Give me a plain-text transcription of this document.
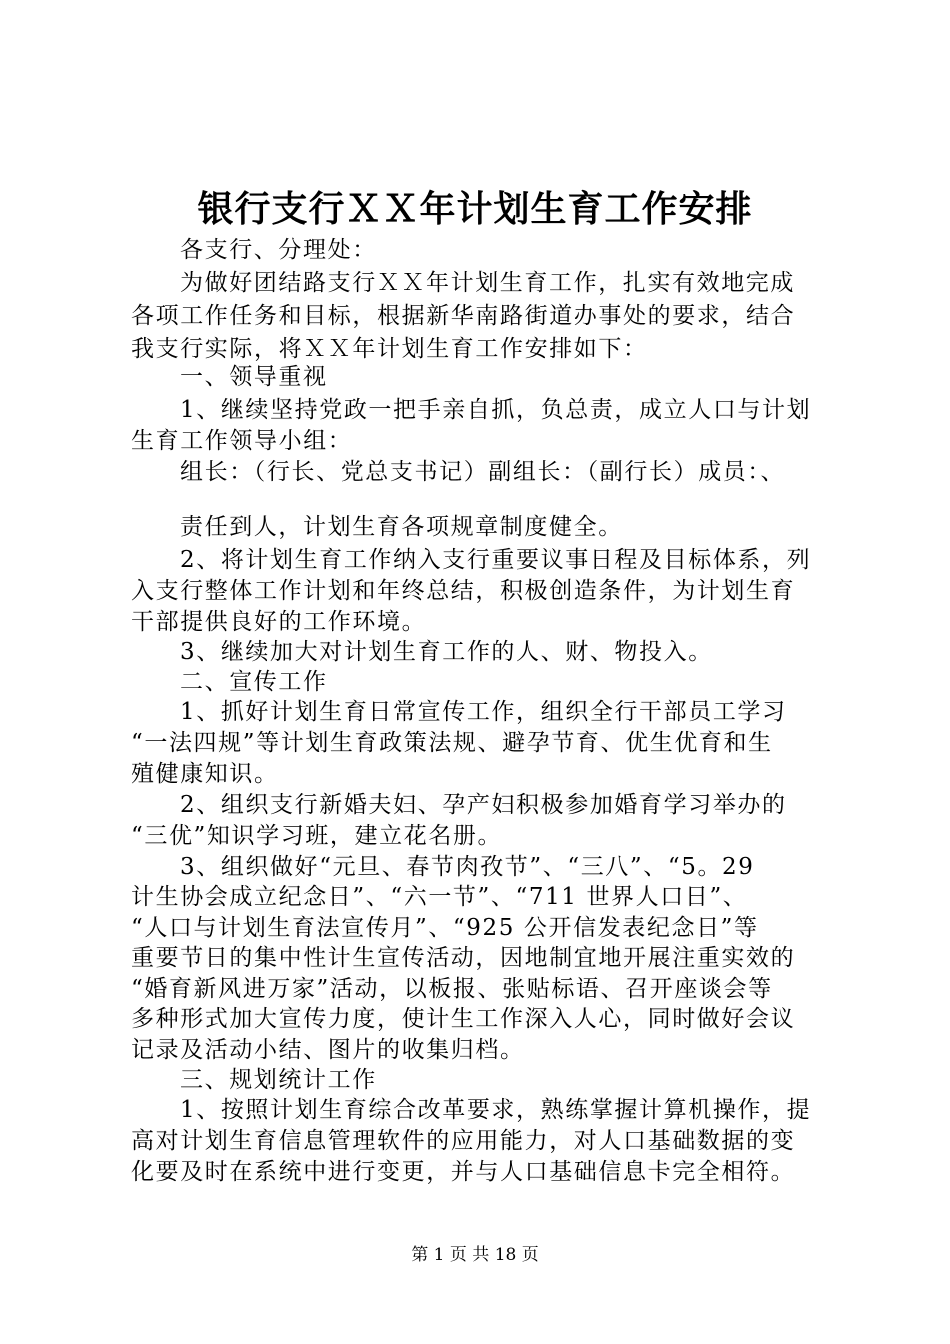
银行支行ＸＸ年计划生育工作安排
各支行、分理处：
为做好团结路支行ＸＸ年计划生育工作，扎实有效地完成
各项工作任务和目标，根据新华南路街道办事处的要求，结合
我支行实际，将ＸＸ年计划生育工作安排如下：
一、领导重视
1、继续坚持党政一把手亲自抓，负总责，成立人口与计划
生育工作领导小组：
组长：（行长、党总支书记）副组长：（副行长）成员：、
责任到人，计划生育各项规章制度健全。
2、将计划生育工作纳入支行重要议事日程及目标体系，列
入支行整体工作计划和年终总结，积极创造条件，为计划生育
干部提供良好的工作环境。
3、继续加大对计划生育工作的人、财、物投入。
二、宣传工作
1、抓好计划生育日常宣传工作，组织全行干部员工学习
“一法四规”等计划生育政策法规、避孕节育、优生优育和生
殖健康知识。
2、组织支行新婚夫妇、孕产妇积极参加婚育学习举办的
“三优”知识学习班，建立花名册。
3、组织做好“元旦、春节肉孜节”、“三八”、“5。29
计生协会成立纪念日”、“六一节”、“711 世界人口日”、
“人口与计划生育法宣传月”、“925 公开信发表纪念日”等
重要节日的集中性计生宣传活动，因地制宜地开展注重实效的
“婚育新风进万家”活动，以板报、张贴标语、召开座谈会等
多种形式加大宣传力度，使计生工作深入人心，同时做好会议
记录及活动小结、图片的收集归档。
三、规划统计工作
1、按照计划生育综合改革要求，熟练掌握计算机操作，提
高对计划生育信息管理软件的应用能力，对人口基础数据的变
化要及时在系统中进行变更，并与人口基础信息卡完全相符。
第 1 页 共 18 页
